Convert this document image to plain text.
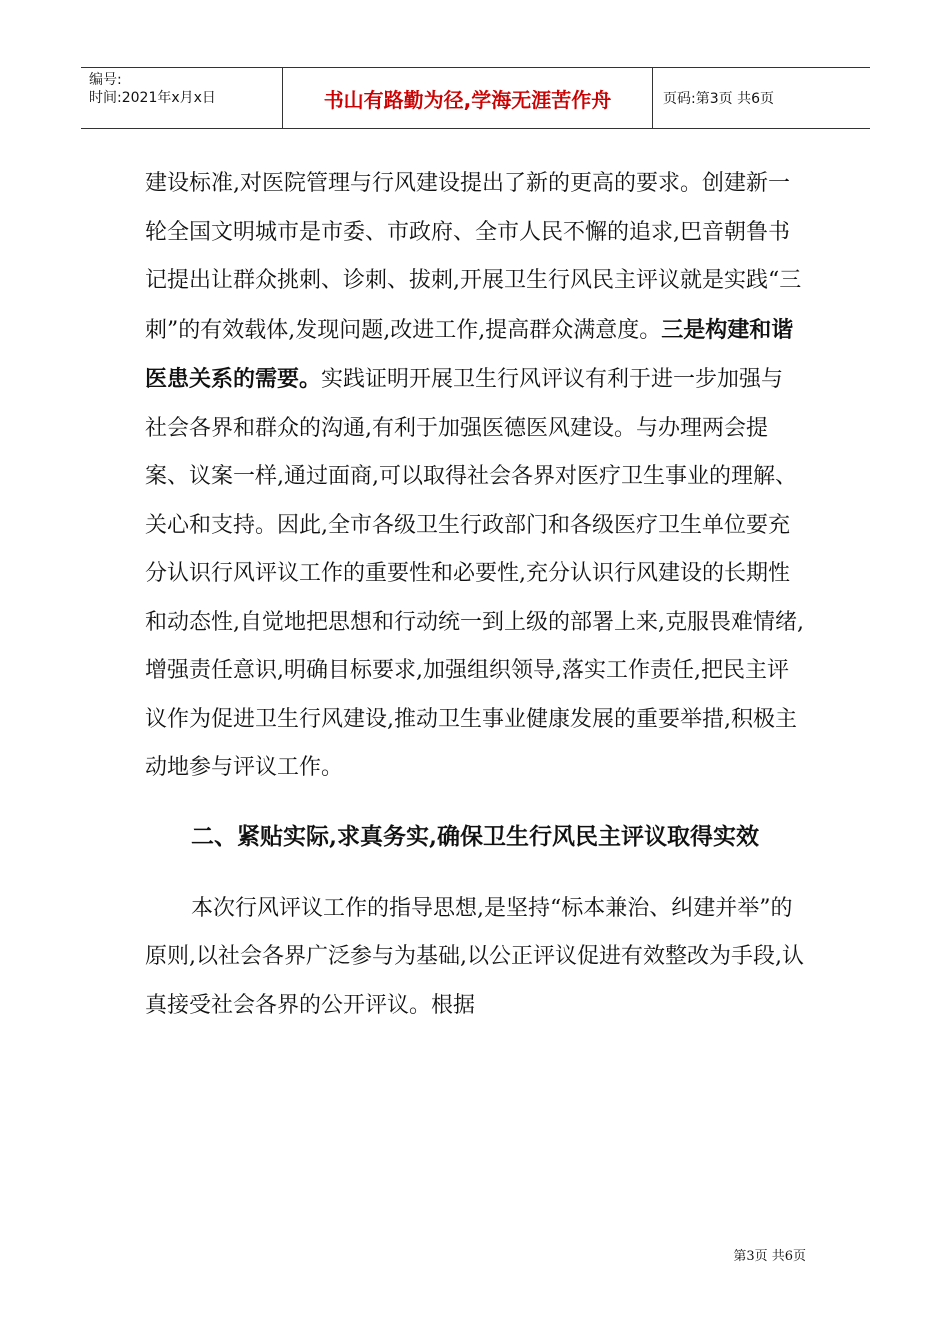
编号:
时间:2021年x月x日	书山有路勤为径,学海无涯苦作舟	页码:第3页 共6页

建设标准,对医院管理与行风建设提出了新的更高的要求。创建新一轮全国文明城市是市委、市政府、全市人民不懈的追求,巴音朝鲁书记提出让群众挑刺、诊刺、拔刺,开展卫生行风民主评议就是实践“三刺”的有效载体,发现问题,改进工作,提高群众满意度。三是构建和谐医患关系的需要。实践证明开展卫生行风评议有利于进一步加强与社会各界和群众的沟通,有利于加强医德医风建设。与办理两会提案、议案一样,通过面商,可以取得社会各界对医疗卫生事业的理解、关心和支持。因此,全市各级卫生行政部门和各级医疗卫生单位要充分认识行风评议工作的重要性和必要性,充分认识行风建设的长期性和动态性,自觉地把思想和行动统一到上级的部署上来,克服畏难情绪,增强责任意识,明确目标要求,加强组织领导,落实工作责任,把民主评议作为促进卫生行风建设,推动卫生事业健康发展的重要举措,积极主动地参与评议工作。

二、紧贴实际,求真务实,确保卫生行风民主评议取得实效

本次行风评议工作的指导思想,是坚持“标本兼治、纠建并举”的原则,以社会各界广泛参与为基础,以公正评议促进有效整改为手段,认真接受社会各界的公开评议。根据

第3页 共6页
